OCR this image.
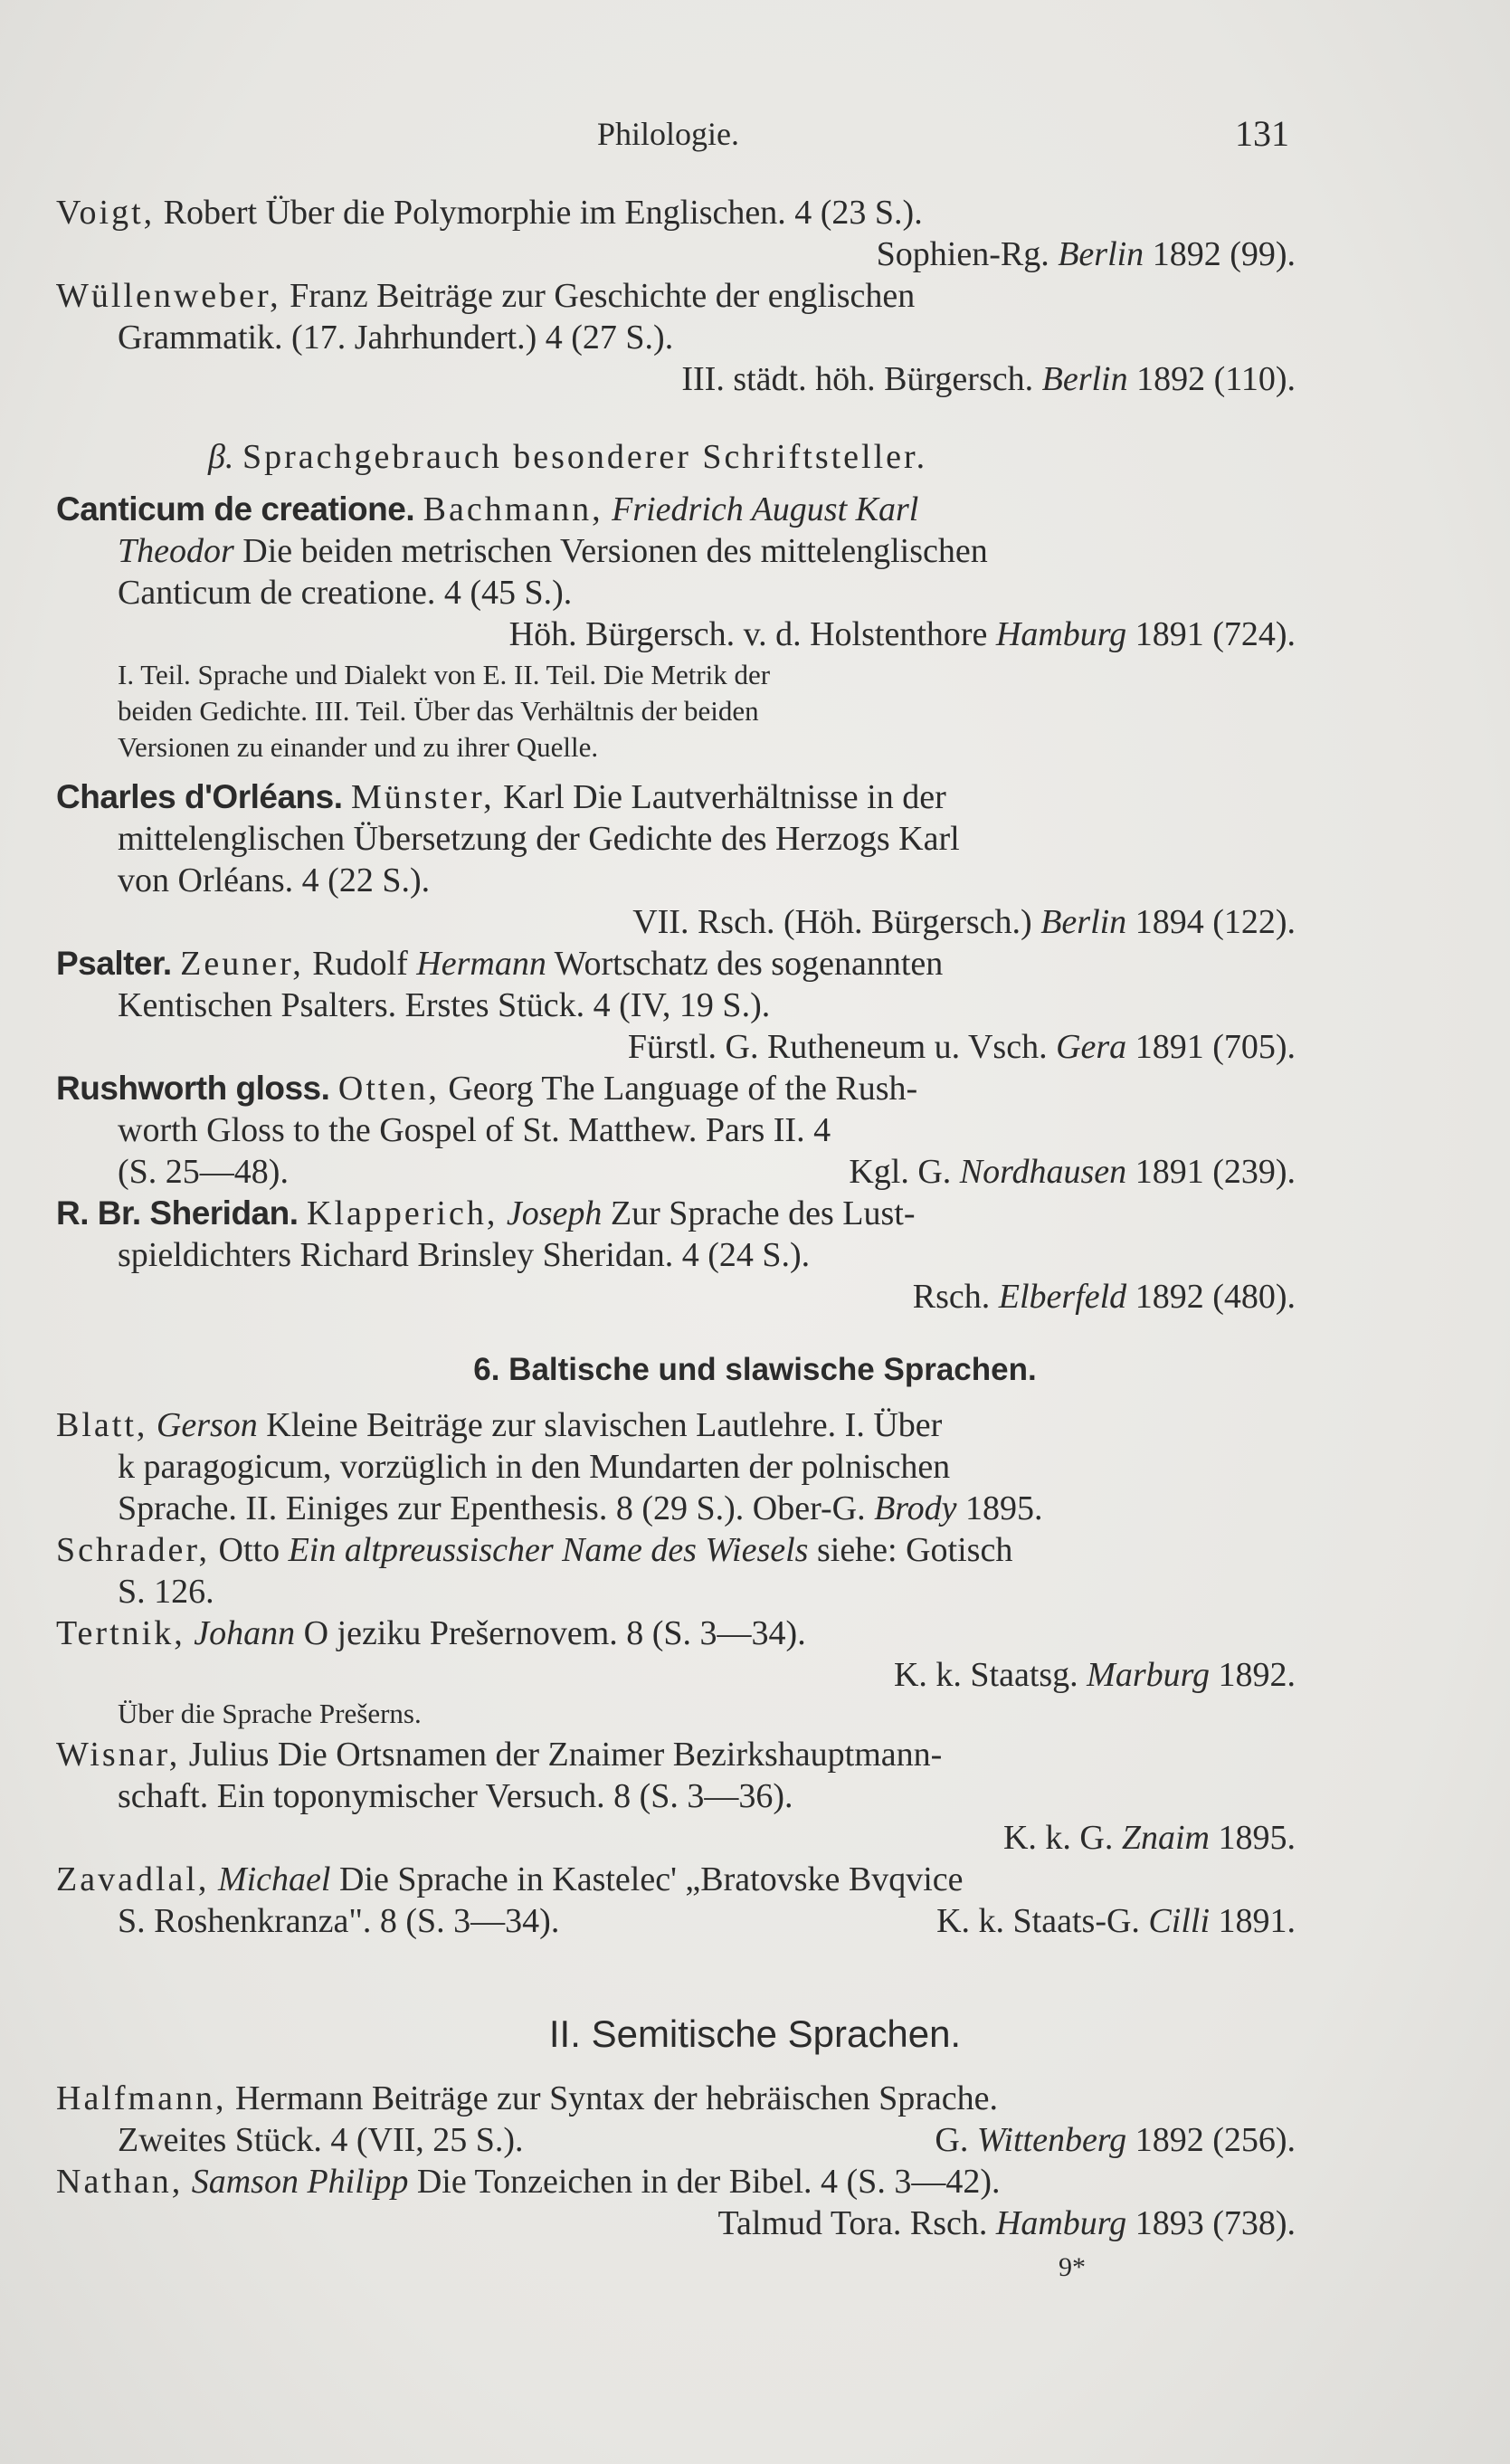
Philologie.	131
Voigt, Robert Über die Polymorphie im Englischen. 4 (23 S.).
Sophien-Rg. Berlin 1892 (99).
Wüllenweber, Franz Beiträge zur Geschichte der englischen
Grammatik. (17. Jahrhundert.) 4 (27 S.).
III. städt. höh. Bürgersch. Berlin 1892 (110).
β. Sprachgebrauch besonderer Schriftsteller.
Canticum de creatione. Bachmann, Friedrich August Karl
Theodor Die beiden metrischen Versionen des mittelenglischen
Canticum de creatione. 4 (45 S.).
Höh. Bürgersch. v. d. Holstenthore Hamburg 1891 (724).
I. Teil. Sprache und Dialekt von E. II. Teil. Die Metrik der
beiden Gedichte. III. Teil. Über das Verhältnis der beiden
Versionen zu einander und zu ihrer Quelle.
Charles d'Orléans. Münster, Karl Die Lautverhältnisse in der
mittelenglischen Übersetzung der Gedichte des Herzogs Karl
von Orléans. 4 (22 S.).
VII. Rsch. (Höh. Bürgersch.) Berlin 1894 (122).
Psalter. Zeuner, Rudolf Hermann Wortschatz des sogenannten
Kentischen Psalters. Erstes Stück. 4 (IV, 19 S.).
Fürstl. G. Rutheneum u. Vsch. Gera 1891 (705).
Rushworth gloss. Otten, Georg The Language of the Rush-
worth Gloss to the Gospel of St. Matthew. Pars II. 4
(S. 25—48).	Kgl. G. Nordhausen 1891 (239).
R. Br. Sheridan. Klapperich, Joseph Zur Sprache des Lust-
spieldichters Richard Brinsley Sheridan. 4 (24 S.).
Rsch. Elberfeld 1892 (480).
6. Baltische und slawische Sprachen.
Blatt, Gerson Kleine Beiträge zur slavischen Lautlehre. I. Über
k paragogicum, vorzüglich in den Mundarten der polnischen
Sprache. II. Einiges zur Epenthesis. 8 (29 S.). Ober-G. Brody 1895.
Schrader, Otto Ein altpreussischer Name des Wiesels siehe: Gotisch
S. 126.
Tertnik, Johann O jeziku Prešernovem. 8 (S. 3—34).
K. k. Staatsg. Marburg 1892.
Über die Sprache Prešerns.
Wisnar, Julius Die Ortsnamen der Znaimer Bezirkshauptmann-
schaft. Ein toponymischer Versuch. 8 (S. 3—36).
K. k. G. Znaim 1895.
Zavadlal, Michael Die Sprache in Kastelec' „Bratovske Bvqvice
S. Roshenkranza". 8 (S. 3—34).	K. k. Staats-G. Cilli 1891.
II. Semitische Sprachen.
Halfmann, Hermann Beiträge zur Syntax der hebräischen Sprache.
Zweites Stück. 4 (VII, 25 S.).	G. Wittenberg 1892 (256).
Nathan, Samson Philipp Die Tonzeichen in der Bibel. 4 (S. 3—42).
Talmud Tora. Rsch. Hamburg 1893 (738).
9*
